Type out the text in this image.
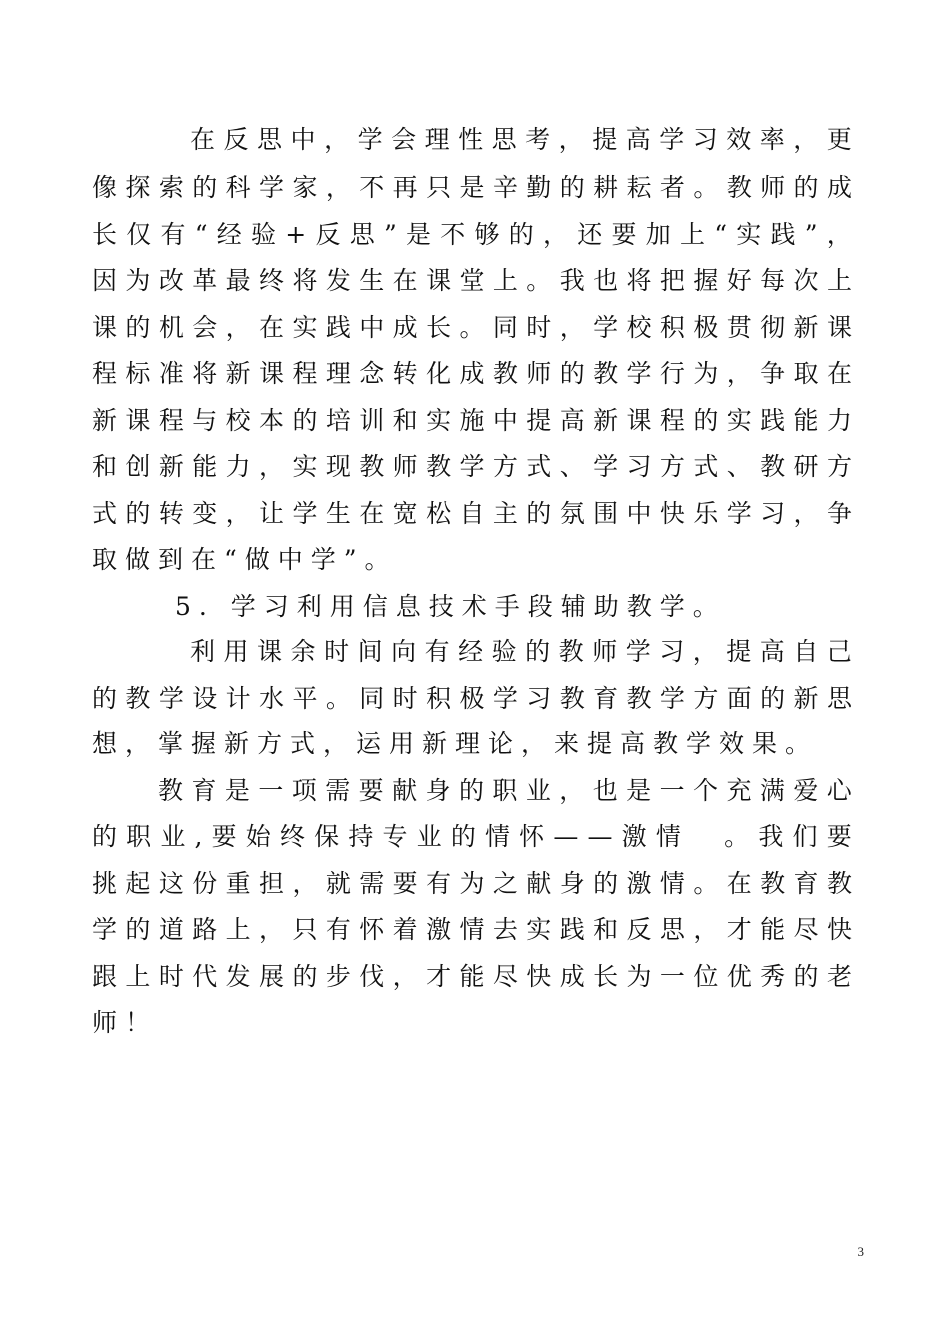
在 反 思 中 ， 学 会 理 性 思 考 ， 提 高 学 习 效 率 ， 更
像 探 索 的 科 学 家 ， 不 再 只 是 辛 勤 的 耕 耘 者 。 教 师 的 成
长 仅 有 “ 经 验 + 反 思 ” 是 不 够 的 ， 还 要 加 上 “ 实 践 ” ，
因 为 改 革 最 终 将 发 生 在 课 堂 上 。 我 也 将 把 握 好 每 次 上
课 的 机 会 ， 在 实 践 中 成 长 。 同 时 ， 学 校 积 极 贯 彻 新 课
程 标 准 将 新 课 程 理 念 转 化 成 教 师 的 教 学 行 为 ， 争 取 在
新 课 程 与 校 本 的 培 训 和 实 施 中 提 高 新 课 程 的 实 践 能 力
和 创 新 能 力 ， 实 现 教 师 教 学 方 式 、 学 习 方 式 、 教 研 方
式 的 转 变 ， 让 学 生 在 宽 松 自 主 的 氛 围 中 快 乐 学 习 ， 争
取做到在“做中学”。
5. 学习利用信息技术手段辅助教学。
利 用 课 余 时 间 向 有 经 验 的 教 师 学 习 ， 提 高 自 己
的 教 学 设 计 水 平 。 同 时 积 极 学 习 教 育 教 学 方 面 的 新 思
想，掌握新方式，运用新理论，来提高教学效果。
教 育 是 一 项 需 要 献 身 的 职 业 ， 也 是 一 个 充 满 爱 心
的 职 业 , 要 始 终 保 持 专 业 的 情 怀 — — 激 情
　 。 我 们 要
挑 起 这 份 重 担 ， 就 需 要 有 为 之 献 身 的 激 情 。 在 教 育 教
学 的 道 路 上 ， 只 有 怀 着 激 情 去 实 践 和 反 思 ， 才 能 尽 快
跟 上 时 代 发 展 的 步 伐 ， 才 能 尽 快 成 长 为 一 位 优 秀 的 老
师！
3
